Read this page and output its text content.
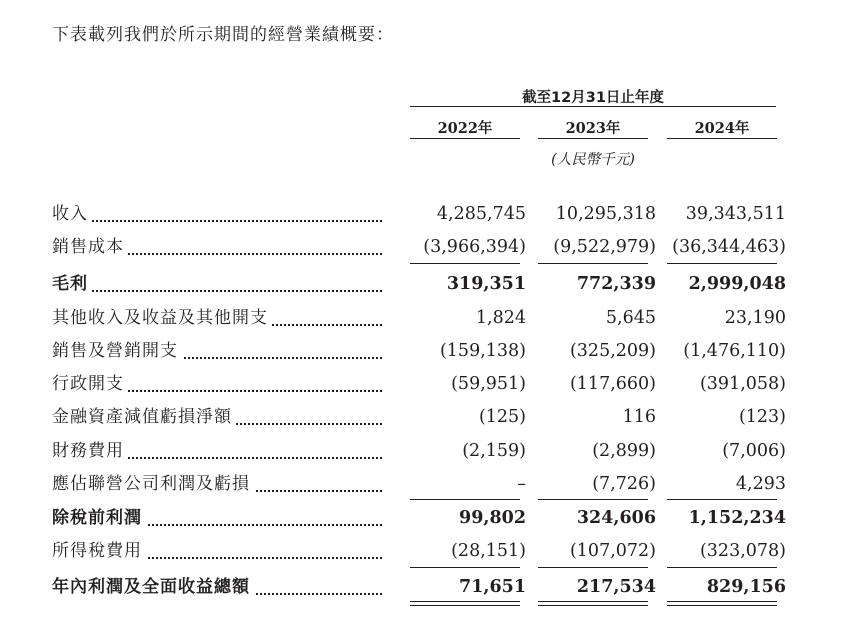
下表載列我們於所示期間的經營業績概要：
截至12月31日止年度
2022年	2023年	2024年
(人民幣千元)
收入	4,285,745	10,295,318	39,343,511
銷售成本	(3,966,394)	(9,522,979) (36,344,463)
毛利	319,351	772,339	2,999,048
其他收入及收益及其他開支	1,824	5,645	23,190
銷售及營銷開支	(159,138)	(325,209)	(1,476,110)
行政開支	(59,951)	(117,660)	(391,058)
金融資產減值虧損淨額	(125)	116	(123)
財務費用	(2,159)	(2,899)	(7,006)
應佔聯營公司利潤及虧損	–	(7,726)	4,293
除稅前利潤	99,802	324,606	1,152,234
所得稅費用	(28,151)	(107,072)	(323,078)
年內利潤及全面收益總額	71,651	217,534	829,156
